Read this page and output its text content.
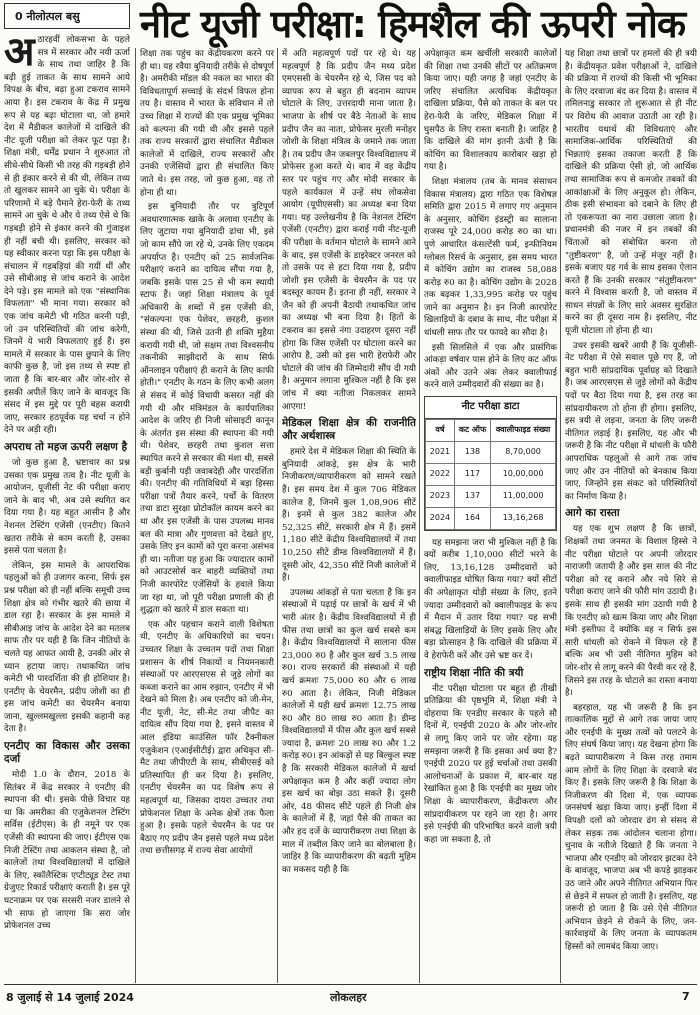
0 नीलोत्पल बसु	नीट यूजी परीक्षा: हिमशैल की ऊपरी नोक

अठारहवीं लोकसभा के पहले सत्र में सरकार और नयी ऊर्जा के साथ तथा जाहिर है कि बढ़ी हुई ताकत के साथ सामने आये विपक्ष के बीच, बढ़ा हुआ टकराव सामने आया है। इस टकराव के केंद्र में प्रमुख रूप से यह बढ़ा घोटाला था, जो हमारे देश में मैडीकल कालेजों में दाखिले की नीट यूजी परीक्षा को लेकर फूट पड़ा है। शिक्षा मंत्री, धर्मेंद्र प्रधान ने शुरुआत तो सीधे-सीधे किसी भी तरह की गड़बड़ी होने से ही इंकार करने से की थी, लेकिन तथ्य तो खुलकर सामने आ चुके थे। परीक्षा के परिणामों में बड़े पैमाने हेरा-फेरी के तथ्य सामने आ चुके थे और ये तथ्य ऐसे थे कि गड़बड़ी होने से इंकार करने की गुंजाइश ही नहीं बची थी। इसलिए, सरकार को यह स्वीकार करना पड़ा कि इस परीक्षा के संचालन में गड़बड़ियां की गयीं थीं और उसे सीबीआइ से जांच कराने के आदेश देने पड़े। इस मामले को एक "संस्थानिक विफलता" भी माना गया। सरकार को एक जांच कमेटी भी गठित करनी पड़ी, जो उन परिस्थितियों की जांच करेगी, जिनमें ये भारी विफलताएं हुई हैं। इस मामले में सरकार के पास छुपाने के लिए काफी कुछ है, जो इस तथ्य से स्पष्ट हो जाता है कि बार-बार और जोर-शोर से इसकी अपीलें किए जाने के बावजूद कि संसद में इस मुद्दे पर पूरी बहस करायी जाए, सरकार हठपूर्वक यह चर्चा न होने देने पर अड़ी रही।

अपराध तो महज ऊपरी लक्षण है

जो कुछ हुआ है, भ्रष्टाचार का प्रश्न उसका एक प्रमुख तत्व है। नीट यूजी के आयोजन, यूजीसी नेट की परीक्षा कराए जाने के बाद भी, अब उसे स्थगित कर दिया गया है। यह बहुत आसीन है और नेशनल टेस्टिंग एजेंसी (एनटीए) कितने खतरा तरीके से काम करती है, उसका इससे पता चलता है।

लेकिन, इस मामले के आपराधिक पहलुओं को ही उजागर करना, सिर्फ इस प्रश्न परीक्षा को ही नहीं बल्कि समूची उच्च शिक्षा क्षेत्र को गंभीर खतरे की छाया में डाल रहा है। सरकार के इस मामले में सीबीआइ जांच के आदेश देने का मतलब साफ तौर पर यही है कि जिन नीतियों के चलते यह आफत आयी है, उनकी ओर से ध्यान हटाया जाए। तथाकथित जांच कमेटी भी पारदर्शिता की ही होशियार है। एनटीए के चेयरमैन, प्रदीप जोशी का ही इस जांच कमेटी का चेयरमैन बनाया जाना, खुल्लमखुल्ला इसकी कहानी कह देता है।

एनटीए का विकास और उसका दर्जा

मोदी 1.0 के दौरान, 2018 के सितंबर में केंद्र सरकार ने एनटीए की स्थापना की थी। इसके पीछे विचार यह था कि अमरीका की एजुकेशनल टेस्टिंग सर्विस (ईटीएस) के ही नमूने पर एक एजेंसी की स्थापना की जाए। ईटीएस एक निजी टेस्टिंग तथा आकलन संस्था है, जो कालेजों तथा विश्वविद्यालयों में दाखिले के लिए, स्कॉलैस्टिक एप्टीट्यूड टेस्ट तथा ग्रेजुएट रिकार्ड परीक्षाएं कराती है। इस पूरे घटनाक्रम पर एक सरसरी नजर डालने से भी साफ हो जाएगा कि सरा जोर प्रोफेशनल उच्च

शिक्षा तक पहुंच का केंद्रीयकरण करने पर ही था। यह रवैया बुनियादी तरीके से दोषपूर्ण है। अमरीकी मॉडल की नकल का भारत की विविधतापूर्ण सच्चाई के संदर्भ विफल होना तय है। वास्तव में भारत के संविधान में तो उच्च शिक्षा में राज्यों की एक प्रमुख भूमिका को कल्पना की गयी थी और इससे पहले तक राज्य सरकारों द्वारा संचालित मैडीकल कालेजों में दाखिले, राज्य सरकारों और उनकी एजेंसियों द्वारा ही संचालित किए जाते थे। इस तरह, जो कुछ हुआ, वह तो होना ही था।

इस बुनियादी तौर पर त्रुटिपूर्ण अवधारणात्मक खाके के अलावा एनटीए के लिए जुटाया गया बुनियादी ढांचा भी, इसे जो काम सौंपे जा रहे थे, उनके लिए एकदम अपर्याप्त है। एनटीए को 25 सार्वजनिक परीक्षाएं कराने का दायित्व सौंपा गया है, जबकि इसके पास 25 से भी कम स्थायी स्टाफ हैं। जहां शिक्षा मंत्रालय के पूर्व अधिकारी के शब्दों में इस एजेंसी की, "संकल्पना एक पेशेवर, छरहरी, कुशल संस्था की थी, जिसे उतनी ही शक्ति मुहैया करायी गयी थी, जो सक्षम तथा विश्वसनीय तकनीकी साझीदारों के साथ सिर्फ ऑनलाइन परीक्षाएं ही कराने के लिए काफी होती।" एनटीए के गठन के लिए कभी अलग से संसद में कोई विधायी कसरत नहीं की गयी थी और मंत्रिमंडल के कार्यपालिका आदेश के जरिए ही निजी सोसाइटी कानून के अंतर्गत इस संस्था की स्थापना की गयी थी। पेशेवर, छरहरी तथा कुशल सत्ता स्थापित करने से सरकार की मंशा थी, सबसे बड़ी कुर्बानी पड़ी जवाबदेही और पारदर्शिता की। एनटीए की गतिविधियों में बड़ा हिस्सा परीक्षा पत्रों तैयार करने, पर्चों के वितरण तथा डाटा सुरक्षा प्रोटोकॉल कायम करने का था और इस एजेंसी के पास उपलब्ध मानव बल की मात्रा और गुणवत्ता को देखते हुए, उसके लिए इन कामों को पूरा करना असंभव ही था। नतीजा यह हुआ कि ज्यादातर कामों को आउटसोर्स कर बाहरी व्यक्तियों तथा निजी कारपोरेट एजेंसियों के हवाले किया जा रहा था, जो पूरी परीक्षा प्रणाली की ही शुद्धता को खतरे में डाल सकता था।

एक और पहचान कराने वाली विशेषता थी, एनटीए के अधिकारियों का चयन। उच्चतर शिक्षा के उच्चतम पदों तथा शिक्षा प्रशासन के शीर्ष निकायों व नियमनकारी संस्थाओं पर आरएसएस से जुड़े लोगों का कब्जा कराने का आम रुझान, एनटीए में भी देखने को मिला है। अब एनटीए को जी-मेन, नीट यूजी, नेट, सी-मेट तथा जीपैट का दायित्व सौंप दिया गया है, इसने वास्तव में आल इंडिया काउंसिल फॉर टैक्नीकल एजुकेशन (एआईसीटीई) द्वारा अधिकृत सी-मैट तथा जीपीएटी के साथ, सीबीएसई को प्रतिस्थापित ही कर दिया है। इसलिए, एनटीए चेयरमैन का पद विशेष रूप से महत्वपूर्ण था, जिसका दायरा उच्चतर तथा प्रोफेशनल शिक्षा के अनेक क्षेत्रों तक फैला हुआ है। इसके पहले चेयरमैन के पद पर बैठाए गए प्रदीप जैन इससे पहले मध्य प्रदेश तथा छत्तीसगढ़ में राज्य सेवा आयोगों

में अति महत्वपूर्ण पदों पर रहे थे। यह महत्वपूर्ण है कि प्रदीप जैन मध्य प्रदेश एमएससी के चेयरमैन रहे थे, जिस पद को व्यापक रूप से बहुत ही बदनाम व्यापम घोटाले के लिए, उत्तरदायी माना जाता है। भाजपा के शीर्ष पर बैठे नेताओं के साथ प्रदीप जैन का नाता, प्रोफेसर मुरली मनोहर जोशी के शिक्षा मंत्रित्व के जमाने तक जाता है। तब प्रदीप जैन जबलपुर विश्वविद्यालय में प्रोफेसर हुआ करते थे। बाद में वह केंद्रीय स्तर पर पहुंच गए और मोदी सरकार के पहले कार्यकाल में उन्हें संघ लोकसेवा आयोग (यूपीएससी) का अध्यक्ष बना दिया गया। यह उल्लेखनीय है कि नेशनल टेस्टिंग एजेंसी (एनटीए) द्वारा कराई गयी नीट-यूजी की परीक्षा के वर्तमान घोटाले के सामने आने के बाद, इस एजेंसी के डाइरेक्टर जनरल को तो उसके पद से हटा दिया गया है, प्रदीप जोशी इस एजेंसी के चेयरमैन के पद पर बदस्तूर कायम हैं। इतना ही नहीं, सरकार ने जैन को ही अपनी बैठायी तथाकथित जांच का अध्यक्ष भी बना दिया है। हितों के टकराव का इससे नंगा उदाहरण दूसरा नहीं होगा कि जिस एजेंसी पर घोटाला करने का आरोप है, उसी को इस भारी हेराफेरी और घोटाले की जांच की जिम्मेदारी सौंप दी गयी है। अनुमान लगाना मुश्किल नहीं है कि इस जांच में क्या नतीजा निकलकर सामने आएगा!

मेडिकल शिक्षा क्षेत्र की राजनीति और अर्थशास्त्र

हमारे देश में मेडिकल शिक्षा की स्थिति के बुनियादी आंकड़े, इस क्षेत्र के भारी निजीकरण/व्यापारीकरण को सामने रखते हैं। इस समय देश में कुल 706 मेडिकल कालेज हैं, जिनमें कुल 1,08,906 सीटें हैं। इनमें से कुल 382 कालेज और 52,325 सीटें, सरकारी क्षेत्र में हैं। इसमें 1,180 सीटें केंद्रीय विश्वविद्यालयों में तथा 10,250 सीटें डीम्ड विश्वविद्यालयों में हैं। दूसरी ओर, 42,350 सीटें निजी कालेजों में हैं।

उपलब्ध आंकड़ों से पता चलता है कि इन संस्थाओं में पढ़ाई पर छात्रों के खर्च में भी भारी अंतर है। केंद्रीय विश्वविद्यालयों में ही फीस तथा छात्रों का कुल खर्च सबसे कम है। केंद्रीय विश्वविद्यालयों में सालाना फीस 23,000 रु0 है और कुल खर्च 3.5 लाख रु0। राज्य सरकारों की संस्थाओं में यही खर्च क्रमशः 75,000 रु0 और 6 लाख रु0 आता है। लेकिन, निजी मेडिकल कालेजों में यही खर्च क्रमशः 12.75 लाख रु0 और 80 लाख रु0 आता है। डीम्ड विश्वविद्यालयों में फीस और कुल खर्च सबसे ज्यादा है, क्रमशः 20 लाख रु0 और 1.2 करोड़ रु0। इन आंकड़ों से यह बिल्कुल स्पष्ट है कि सरकारी मेडिकल कालेजों में खर्चा अपेक्षाकृत कम है और कहीं ज्यादा लोग इस खर्च का बोझ उठा सकते हैं। दूसरी ओर, 48 फीसद सीटें पहले ही निजी क्षेत्र के कालेजों में हैं, जहां पैसे की ताकत का और हद दर्जे के व्यापारीकरण तथा शिक्षा के माल में तब्दील किए जाने का बोलबाला है। जाहिर है कि व्यापारीकरण की बढ़ती मुहिम का मकसद यही है कि

अपेक्षाकृत कम खर्चीली सरकारी कालेजों की शिक्षा तथा उनकी सीटों पर अतिक्रमण किया जाए। यही जगह है जहां एनटीए के जरिए संचालित अत्यधिक केंद्रीयकृत दाखिला प्रक्रिया, पैसे को ताकत के बल पर हेरा-फेरी के जरिए, मेडिकल शिक्षा में घुसपैठ के लिए रास्ता बनाती है। जाहिर है कि दाखिले की मांग इतनी ऊंची है कि कोचिंग का विशालकाय कारोबार खड़ा हो गया है।

शिक्षा मंत्रालय (तब के मानव संसाधन विकास मंत्रालय) द्वारा गठित एक विशेषज्ञ समिति द्वारा 2015 में लगाए गए अनुमान के अनुसार, कोचिंग इंडस्ट्री का सालाना राजस्व पूरे 24,000 करोड़ रु0 का था। पुणे आधारित कंसल्टेंसी फर्म, इन्फीनियम ग्लोबल रिसर्च के अनुसार, इस समय भारत में कोचिंग उद्योग का राजस्व 58,088 करोड़ रु0 का है। कोचिंग उद्योग के 2028 तक बढ़कर 1,33,995 करोड़ पर पहुंच जाने का अनुमान है। इन निजी कारपोरेट खिलाड़ियों के दबाव के साथ, नीट परीक्षा में धांधली साफ तौर पर फायदे का सौदा है।

इसी सिलसिले में एक और प्रासंगिक आंकड़ा वर्षवार पास होने के लिए कट ऑफ अंकों और उतने अंक लेकर क्वालीफाई करने वाले उम्मीदवारों की संख्या का है।

नीट परीक्षा डाटा
वर्ष	कट ऑफ	क्वालीफाइड संख्या
2021	138	8,70,000
2022	117	10,00,000
2023	137	11,00,000
2024	164	13,16,268

यह समझना जरा भी मुश्किल नहीं है कि क्यों करीब 1,10,000 सीटों भरने के लिए, 13,16,128 उम्मीदवारों को क्वालीफाइड घोषित किया गया? क्यों सीटों की अपेक्षाकृत थोड़ी संख्या के लिए, इतने ज्यादा उम्मीदवारों को क्वालीफाइड के रूप में मैदान में उतार दिया गया? यह सभी संबद्ध खिलाड़ियों के लिए इसके लिए और बड़ा प्रोत्साहन है कि दाखिले की प्रक्रिया में वे हेराफेरी करें और उसे भ्रष्ट कर दें।

राष्ट्रीय शिक्षा नीति की त्रयी

नीट परीक्षा घोटाला पर बहुत ही तीखी प्रतिक्रिया की पृष्ठभूमि में, शिक्षा मंत्री ने दोहराया कि एनडीए सरकार के पहले सौ दिनों में, एनईपी 2020 के और जोर-शोर से लागू किए जाने पर जोर रहेगा। यह समझना जरूरी है कि इसका अर्थ क्या है? एनईपी 2020 पर हुई चर्चाओं तथा उसकी आलोचनाओं के प्रकाश में, बार-बार यह रेखांकित हुआ है कि एनईपी का मुख्य जोर शिक्षा के व्यापारीकरण, केंद्रीकरण और सांप्रदायीकरण पर रहने जा रहा है। अगर इसे एनईपी की परिभाषित करने वाली त्रयी कहा जा सकता है, तो

यह शिक्षा तथा छात्रों पर हमलों की ही त्रयी है। केंद्रीयकृत प्रवेश परीक्षाओं ने, दाखिले की प्रक्रिया में राज्यों की किसी भी भूमिका के लिए दरवाजा बंद कर दिया है। वास्तव में तमिलनाडु सरकार तो शुरूआत से ही नीट पर विरोध की आवाज उठाती आ रही है। भारतीय यथार्थ की विविधताएं और सामाजिक-आर्थिक परिस्थितियों की भिन्नताएं इसका तकाजा करती हैं कि दाखिले की प्रक्रिया ऐसी हो, जो आर्थिक तथा सामाजिक रूप से कमजोर तबकों की आकांक्षाओं के लिए अनुकूल हो। लेकिन, ठीक इसी संभावना को दबाने के लिए ही तो एकरूपता का नारा उछाला जाता है। प्रधानमंत्री की नजर में इन तबकों की चिंताओं को संबोधित करना तो "तुष्टीकरण" है, जो उन्हें मंजूर नहीं है। इसके बजाए यह गर्व के साथ इसका ऐलान करते हैं कि उनकी सरकार "संतुष्टीकरण" करने में विश्वास करती है, जो वास्तव में साधन संपन्नों के लिए सारे अवसर सुरक्षित करने का ही दूसरा नाम है। इसलिए, नीट यूजी घोटाला तो होना ही था।

उधर इसकी खबरें आयी हैं कि यूजीसी-नेट परीक्षा में ऐसे सवाल पूछे गए हैं, जो बहुत भारी सांप्रदायिक पूर्वाग्रह को दिखाते हैं। जब आरएसएस से जुड़े लोगों को केंद्रीय पदों पर बैठा दिया गया है, इस तरह का सांप्रदायीकरण तो होना ही होगा। इसलिए, इस त्रयी से लड़ना, जनता के लिए जरूरी नीतिगत लड़ाई है। इसलिए, यह और भी जरूरी है कि नीट परीक्षा में धांधली के फौरी आपराधिक पहलुओं से आगे तक जांच जाए और उन नीतियों को बेनकाब किया जाए, जिन्होंने इस संकट को परिस्थितियों का निर्माण किया है।

आगे का रास्ता

यह एक शुभ लक्षण है कि छात्रों, शिक्षकों तथा जनमत के विशाल हिस्से ने नीट परीक्षा घोटाले पर अपनी जोरदार नाराजगी जतायी है और इस साल की नीट परीक्षा को रद्द कराने और नये सिरे से परीक्षा कराए जाने की फौरी मांग उठायी है। इसके साथ ही इसकी मांग उठायी गयी है कि एनटीए को खत्म किया जाए और शिक्षा मंत्री इस्तीफा दें क्योंकि वह न सिर्फ इस सारी धांधली को रोकने में विफल रहे हैं बल्कि अब भी उसी नीतिगत मुहिम को जोर-शोर से लागू करने की पैरवी कर रहे हैं, जिसने इस तरह के घोटाले का रास्ता बनाया है।

बहरहाल, यह भी जरूरी है कि इन तात्कालिक मुद्दों से आगे तक जाया जाए और एनईपी के मुख्य तत्वों को पलटने के लिए संघर्ष किया जाए। यह देखना होगा कि बढ़ते व्यापारीकरण ने किस तरह तमाम आम लोगों के लिए शिक्षा के दरवाजे बंद किए हैं। इसके लिए जरूरी है कि शिक्षा के निजीकरण की दिशा में, एक व्यापक जनसंघर्ष खड़ा किया जाए। इन्हीं दिशा में विपक्षी दलों को जोरदार ढंग से संसद से लेकर सड़क तक आंदोलन चलाना होगा। चुनाव के नतीजे दिखाते हैं कि जनता ने भाजपा और एनडीए को जोरदार झटका देने के बावजूद, भाजपा अब भी कपड़े झाड़कर उठ जाने और अपने नीतिगत अभियान फिर से छेड़ने में सफल हो जाती है। इसलिए, यह जरूरी हो जाता है कि उसे ऐसे नीतिगत अभियान छेड़ने से रोकने के लिए, जन-कार्रवाइयों के लिए जनता के व्यापकतम हिस्सों को लामबंद किया जाए।

8 जुलाई से 14 जुलाई 2024	लोकलहर	7
